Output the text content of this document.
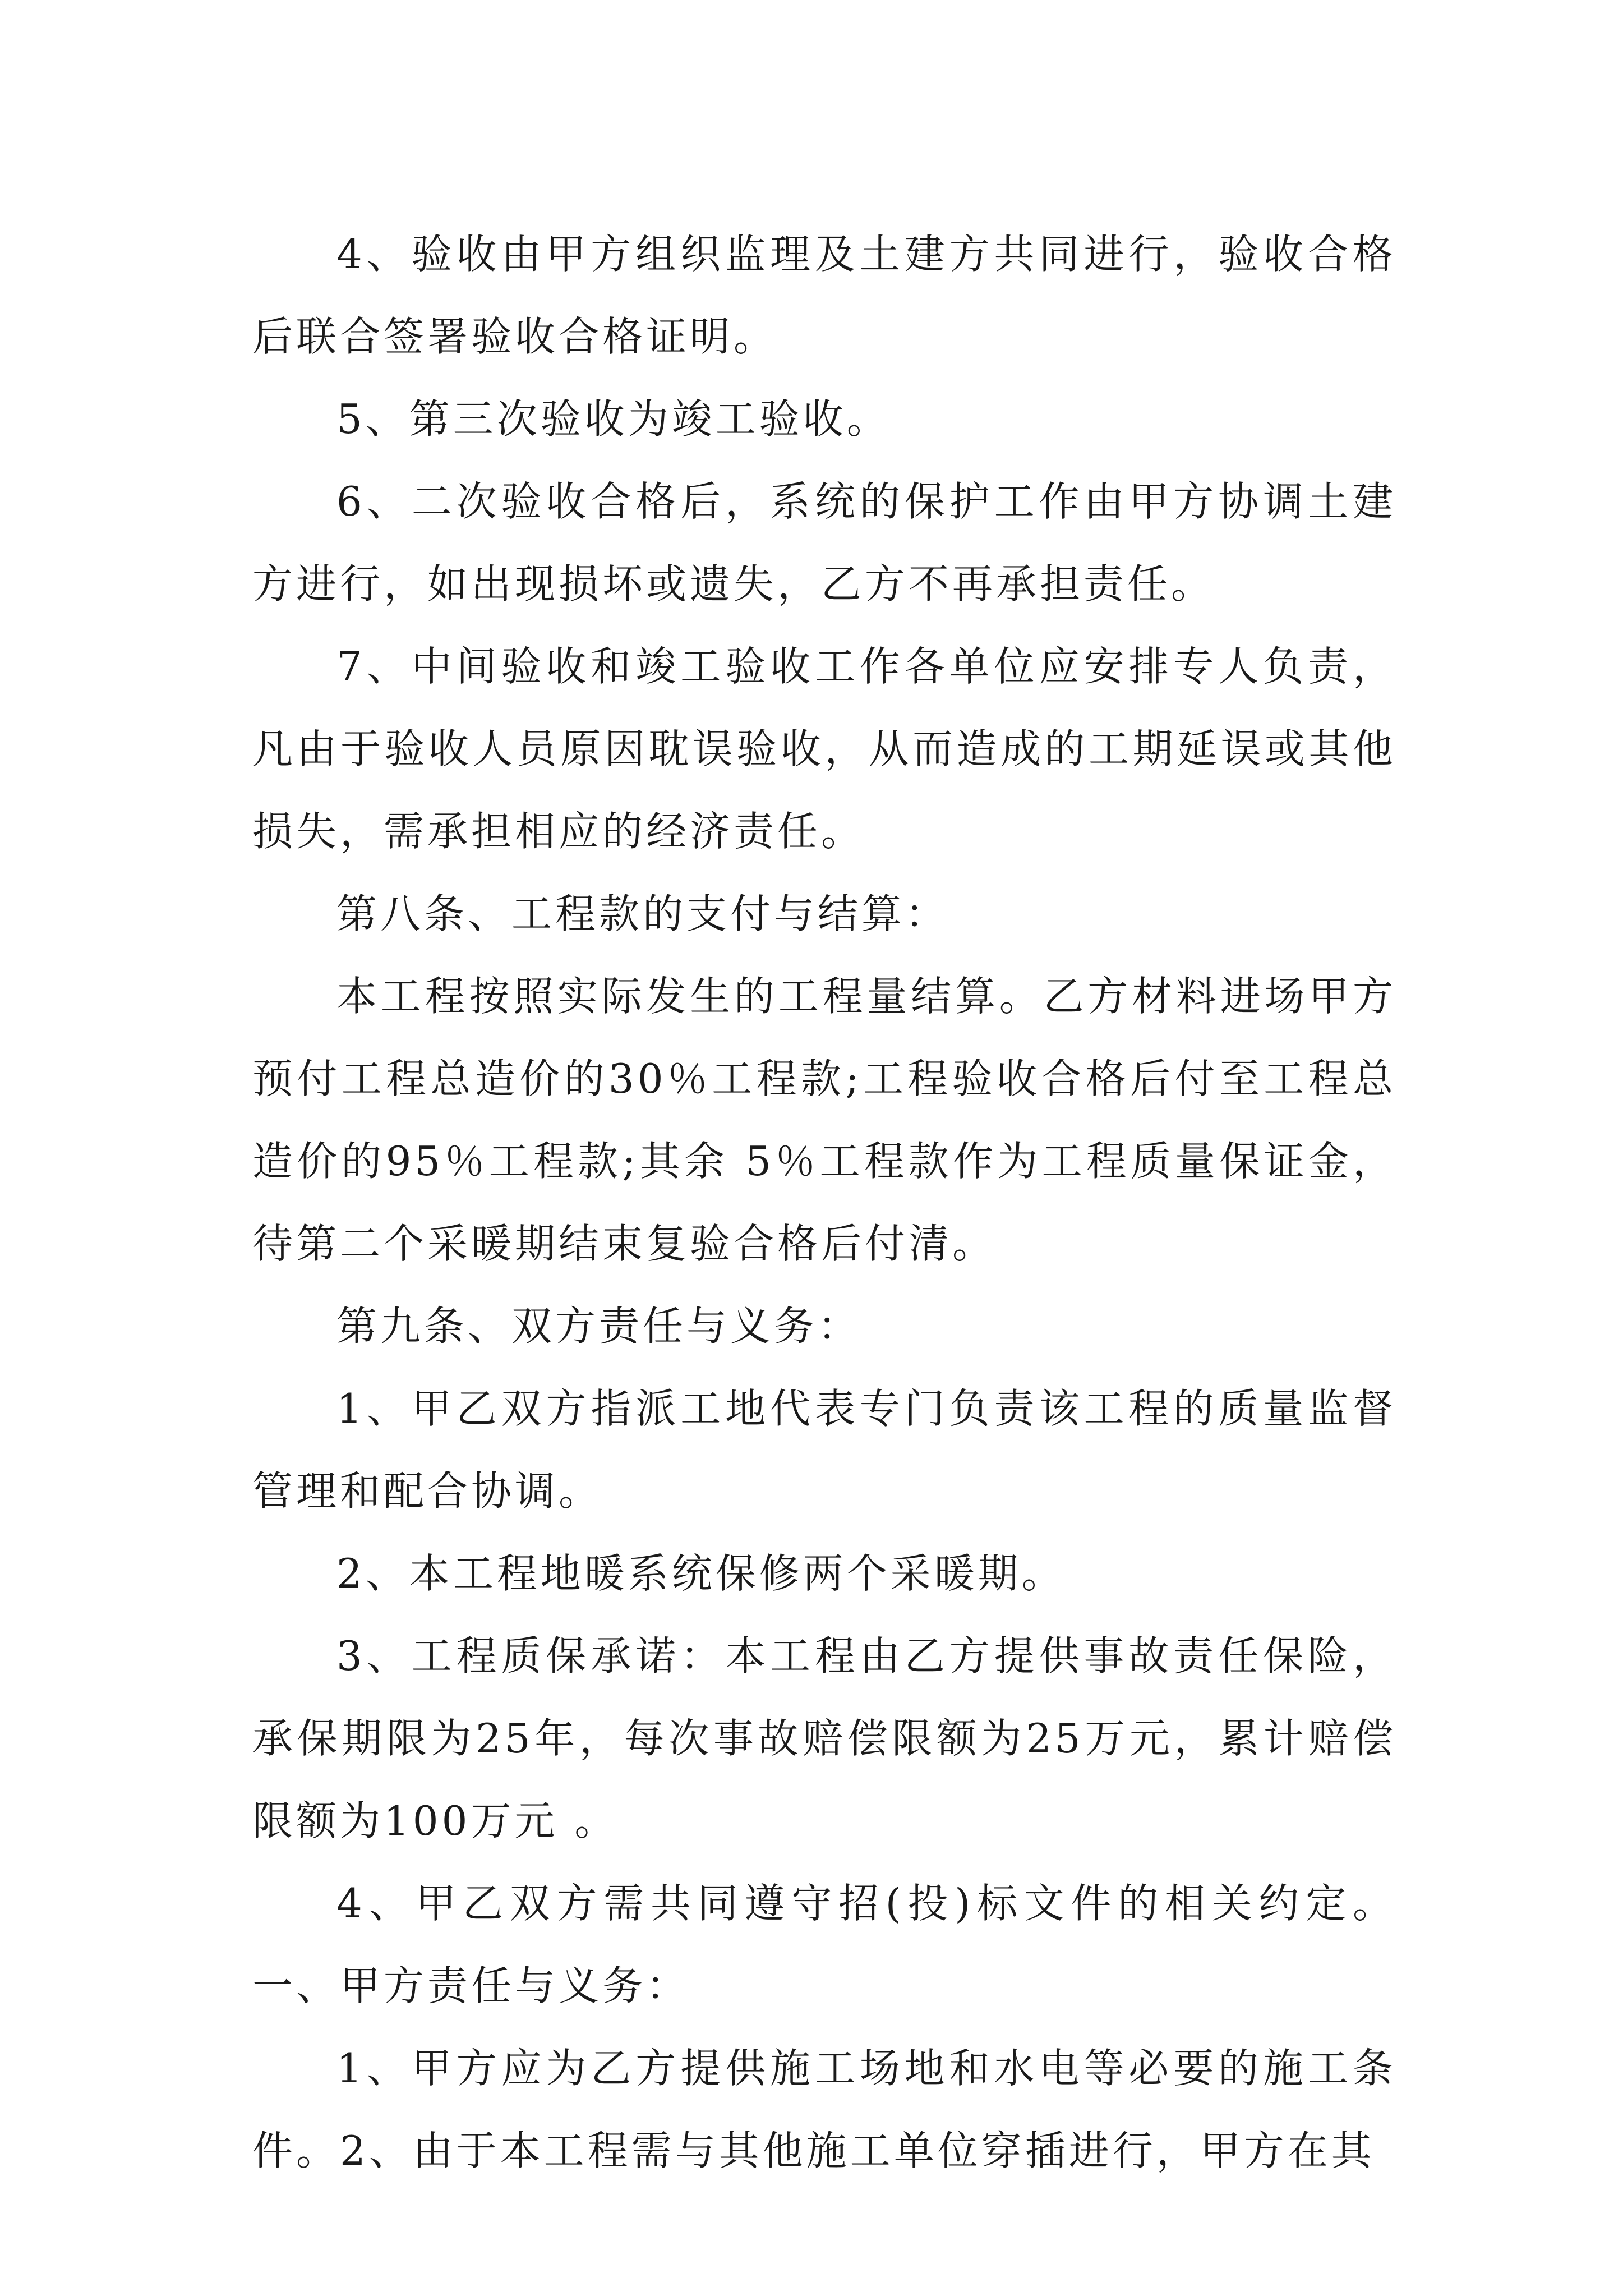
4、验收由甲方组织监理及土建方共同进行，验收合格后联合签署验收合格证明。

5、第三次验收为竣工验收。

6、二次验收合格后，系统的保护工作由甲方协调土建方进行，如出现损坏或遗失，乙方不再承担责任。

7、中间验收和竣工验收工作各单位应安排专人负责，凡由于验收人员原因耽误验收，从而造成的工期延误或其他损失，需承担相应的经济责任。

第八条、工程款的支付与结算：

本工程按照实际发生的工程量结算。乙方材料进场甲方预付工程总造价的30％工程款;工程验收合格后付至工程总造价的95％工程款;其余 5％工程款作为工程质量保证金，待第二个采暖期结束复验合格后付清。

第九条、双方责任与义务：

1、甲乙双方指派工地代表专门负责该工程的质量监督管理和配合协调。

2、本工程地暖系统保修两个采暖期。

3、工程质保承诺：本工程由乙方提供事故责任保险，承保期限为25年，每次事故赔偿限额为25万元，累计赔偿限额为100万元 。

4、甲乙双方需共同遵守招(投)标文件的相关约定。一、甲方责任与义务：

1、甲方应为乙方提供施工场地和水电等必要的施工条件。2、由于本工程需与其他施工单位穿插进行，甲方在其
